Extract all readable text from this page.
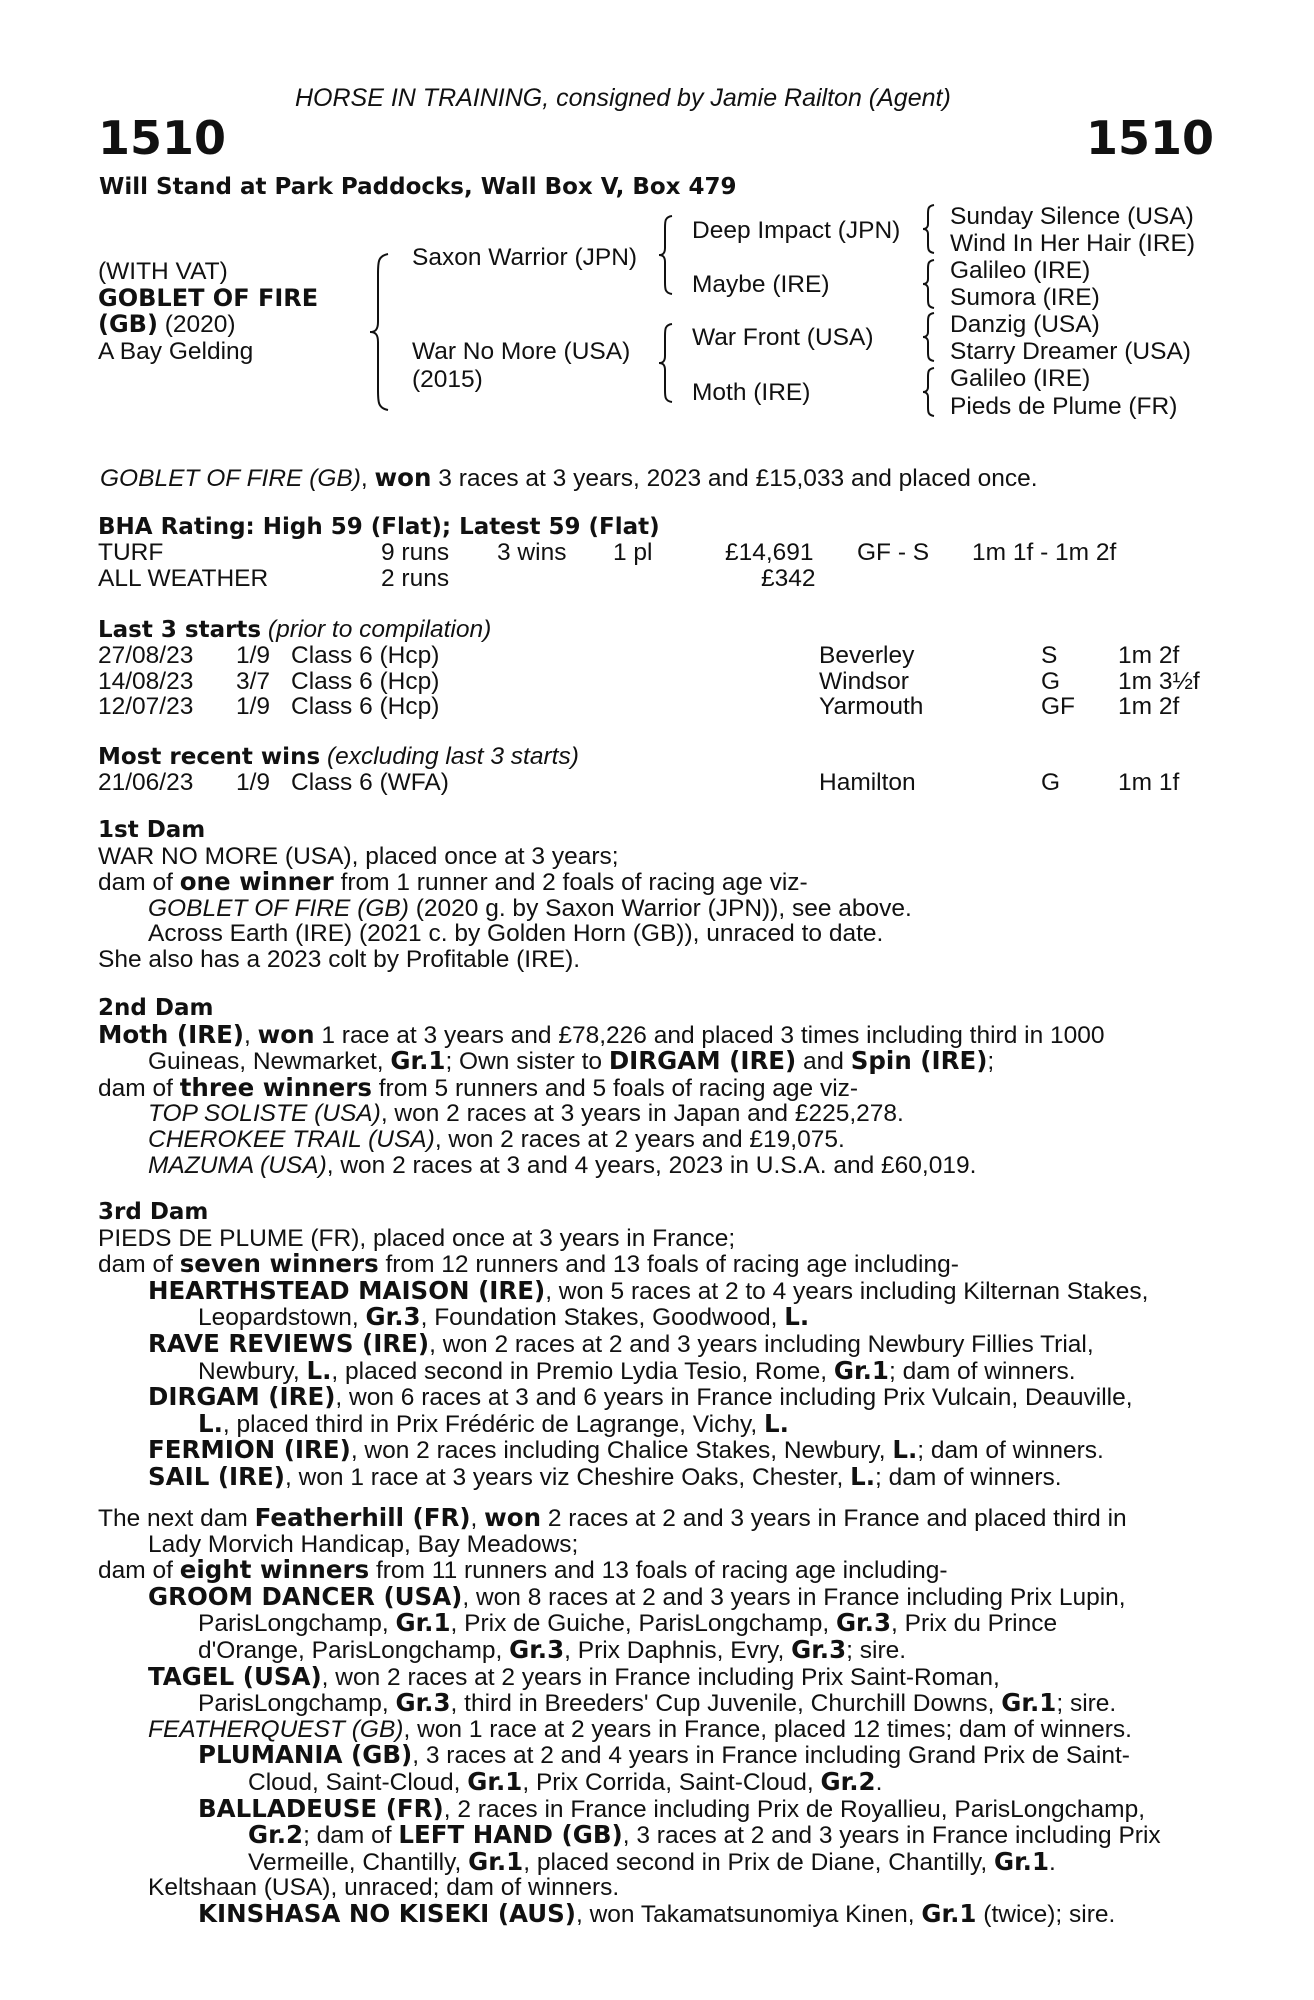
HORSE IN TRAINING, consigned by Jamie Railton (Agent)
1510	1510
Will Stand at Park Paddocks, Wall Box V, Box 479
(WITH VAT)
GOBLET OF FIRE
(GB) (2020)
A Bay Gelding
Saxon Warrior (JPN)
War No More (USA)
(2015)
Deep Impact (JPN)
Maybe (IRE)
War Front (USA)
Moth (IRE)
Sunday Silence (USA)
Wind In Her Hair (IRE)
Galileo (IRE)
Sumora (IRE)
Danzig (USA)
Starry Dreamer (USA)
Galileo (IRE)
Pieds de Plume (FR)
GOBLET OF FIRE (GB), won 3 races at 3 years, 2023 and £15,033 and placed once.
BHA Rating: High 59 (Flat); Latest 59 (Flat)
TURF	9 runs 3 wins 1 pl	£14,691 GF - S 1m 1f - 1m 2f
ALL WEATHER	2 runs	£342
Last 3 starts (prior to compilation)
27/08/23 1/9 Class 6 (Hcp)	Beverley	S 1m 2f
14/08/23 3/7 Class 6 (Hcp)	Windsor	G 1m 3½f
12/07/23 1/9 Class 6 (Hcp)	Yarmouth	GF 1m 2f
Most recent wins (excluding last 3 starts)
21/06/23 1/9 Class 6 (WFA)	Hamilton	G 1m 1f
1st Dam
WAR NO MORE (USA), placed once at 3 years;
dam of one winner from 1 runner and 2 foals of racing age viz-
GOBLET OF FIRE (GB) (2020 g. by Saxon Warrior (JPN)), see above.
Across Earth (IRE) (2021 c. by Golden Horn (GB)), unraced to date.
She also has a 2023 colt by Profitable (IRE).
2nd Dam
Moth (IRE), won 1 race at 3 years and £78,226 and placed 3 times including third in 1000
Guineas, Newmarket, Gr.1; Own sister to DIRGAM (IRE) and Spin (IRE);
dam of three winners from 5 runners and 5 foals of racing age viz-
TOP SOLISTE (USA), won 2 races at 3 years in Japan and £225,278.
CHEROKEE TRAIL (USA), won 2 races at 2 years and £19,075.
MAZUMA (USA), won 2 races at 3 and 4 years, 2023 in U.S.A. and £60,019.
3rd Dam
PIEDS DE PLUME (FR), placed once at 3 years in France;
dam of seven winners from 12 runners and 13 foals of racing age including-
HEARTHSTEAD MAISON (IRE), won 5 races at 2 to 4 years including Kilternan Stakes,
Leopardstown, Gr.3, Foundation Stakes, Goodwood, L.
RAVE REVIEWS (IRE), won 2 races at 2 and 3 years including Newbury Fillies Trial,
Newbury, L., placed second in Premio Lydia Tesio, Rome, Gr.1; dam of winners.
DIRGAM (IRE), won 6 races at 3 and 6 years in France including Prix Vulcain, Deauville,
L., placed third in Prix Frédéric de Lagrange, Vichy, L.
FERMION (IRE), won 2 races including Chalice Stakes, Newbury, L.; dam of winners.
SAIL (IRE), won 1 race at 3 years viz Cheshire Oaks, Chester, L.; dam of winners.
The next dam Featherhill (FR), won 2 races at 2 and 3 years in France and placed third in
Lady Morvich Handicap, Bay Meadows;
dam of eight winners from 11 runners and 13 foals of racing age including-
GROOM DANCER (USA), won 8 races at 2 and 3 years in France including Prix Lupin,
ParisLongchamp, Gr.1, Prix de Guiche, ParisLongchamp, Gr.3, Prix du Prince
d'Orange, ParisLongchamp, Gr.3, Prix Daphnis, Evry, Gr.3; sire.
TAGEL (USA), won 2 races at 2 years in France including Prix Saint-Roman,
ParisLongchamp, Gr.3, third in Breeders' Cup Juvenile, Churchill Downs, Gr.1; sire.
FEATHERQUEST (GB), won 1 race at 2 years in France, placed 12 times; dam of winners.
PLUMANIA (GB), 3 races at 2 and 4 years in France including Grand Prix de Saint-
Cloud, Saint-Cloud, Gr.1, Prix Corrida, Saint-Cloud, Gr.2.
BALLADEUSE (FR), 2 races in France including Prix de Royallieu, ParisLongchamp,
Gr.2; dam of LEFT HAND (GB), 3 races at 2 and 3 years in France including Prix
Vermeille, Chantilly, Gr.1, placed second in Prix de Diane, Chantilly, Gr.1.
Keltshaan (USA), unraced; dam of winners.
KINSHASA NO KISEKI (AUS), won Takamatsunomiya Kinen, Gr.1 (twice); sire.
